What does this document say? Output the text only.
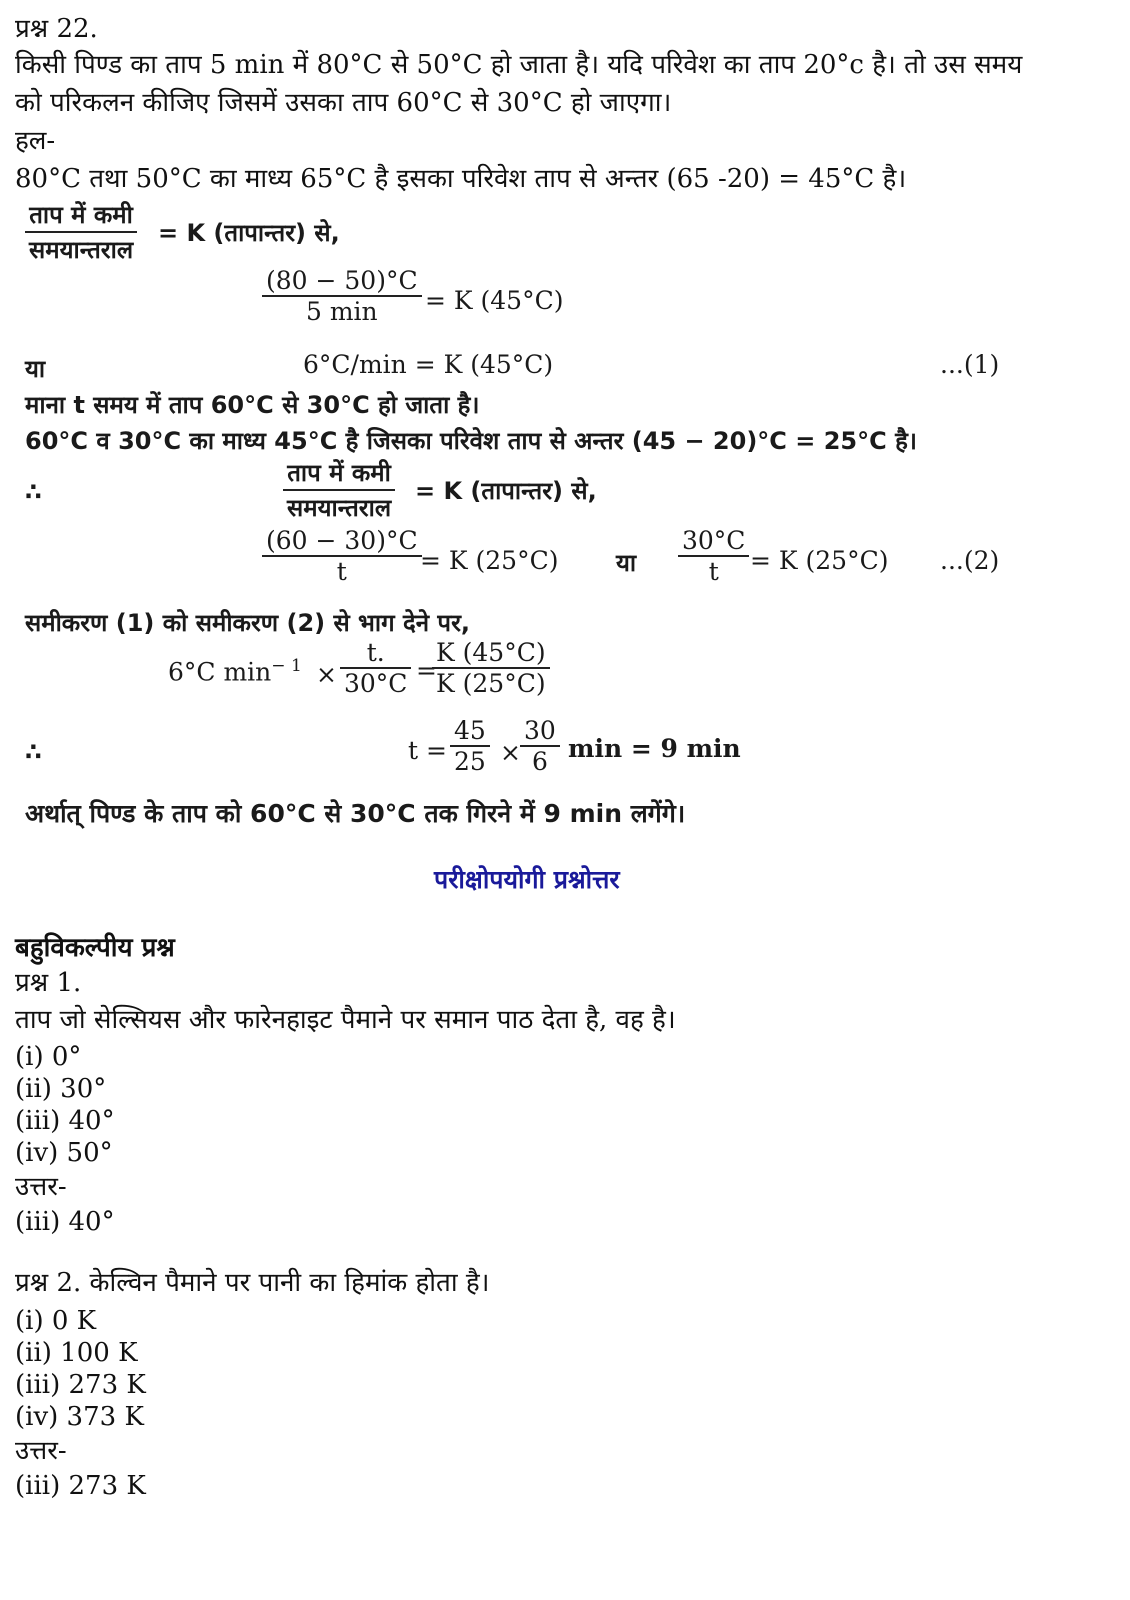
प्रश्न 22.
किसी पिण्ड का ताप 5 min में 80°C से 50°C हो जाता है। यदि परिवेश का ताप 20°c है। तो उस समय
को परिकलन कीजिए जिसमें उसका ताप 60°C से 30°C हो जाएगा।
हल-
80°C तथा 50°C का माध्य 65°C है इसका परिवेश ताप से अन्तर (65 -20) = 45°C है।
ताप में कमी
समयान्तराल
= K (तापान्तर) से,
(80 − 50)°C
5 min	= K (45°C)
या	6°C/min = K (45°C)	...(1)
माना t समय में ताप 60°C से 30°C हो जाता है।
60°C व 30°C का माध्य 45°C है जिसका परिवेश ताप से अन्तर (45 − 20)°C = 25°C है।
∴
ताप में कमी
समयान्तराल
= K (तापान्तर) से,
$\frac{(60 - 30)^\circ C}{t}$
= K (25°C) या $\frac{30^\circ C}{t} = K$ (25°C) ...(2)
समीकरण (1) को समीकरण (2) से भाग देने पर,
6°C $\min^{- 1} \times \frac{t.}{30^\circ C}$ =
$\frac{K (45^\circ C)}{K (25^\circ C)}$
∴	$t = \frac{45}{25} \times \frac{30}{6}$ min = 9 min
अर्थात् पिण्ड के ताप को 60°C से 30°C तक गिरने में 9 min लगेंगे।
परीक्षोपयोगी प्रश्नोत्तर
बहुविकल्पीय प्रश्न
प्रश्न 1.
ताप जो सेल्सियस और फारेनहाइट पैमाने पर समान पाठ देता है, वह है।
(i) 0°
(ii) 30°
(iii) 40°
(iv) 50°
उत्तर-
(iii) 40°
प्रश्न 2. केल्विन पैमाने पर पानी का हिमांक होता है।
(i) 0 K
(ii) 100 K
(iii) 273 K
(iv) 373 K
उत्तर-
(iii) 273 K
